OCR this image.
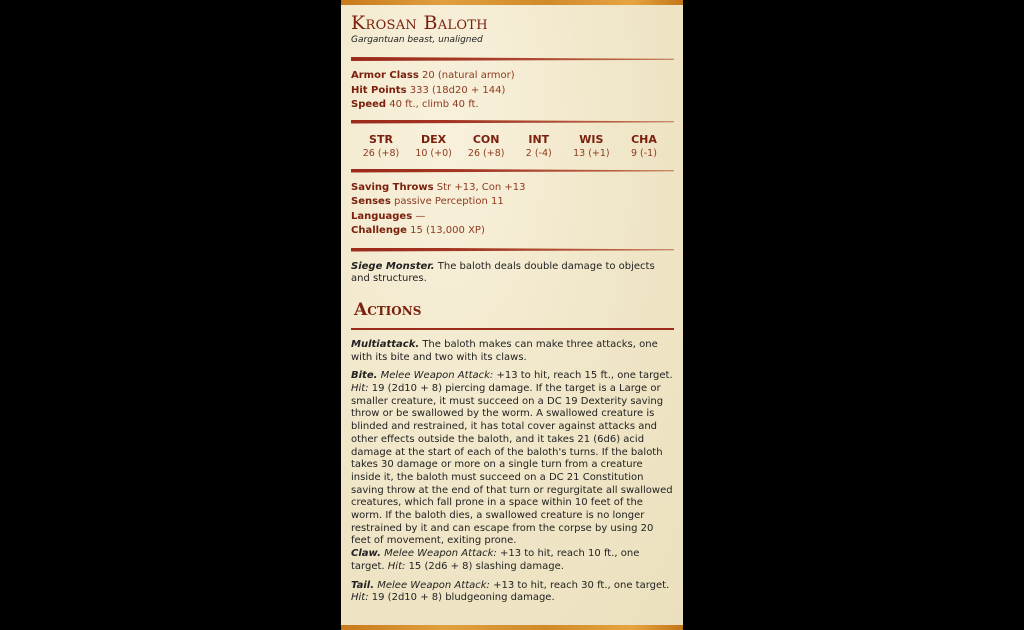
Krosan Baloth
Gargantuan beast, unaligned
Armor Class 20 (natural armor)
Hit Points 333 (18d20 + 144)
Speed 40 ft., climb 40 ft.
STR
26 (+8)
DEX
10 (+0)
CON
26 (+8)
INT
2 (-4)
WIS
13 (+1)
CHA
9 (-1)
Saving Throws Str +13, Con +13
Senses passive Perception 11
Languages —
Challenge 15 (13,000 XP)
Siege Monster. The baloth deals double damage to objects and structures.
Actions
Multiattack. The baloth makes can make three attacks, one with its bite and two with its claws.
Bite. Melee Weapon Attack: +13 to hit, reach 15 ft., one target. Hit: 19 (2d10 + 8) piercing damage. If the target is a Large or smaller creature, it must succeed on a DC 19 Dexterity saving throw or be swallowed by the worm. A swallowed creature is blinded and restrained, it has total cover against attacks and other effects outside the baloth, and it takes 21 (6d6) acid damage at the start of each of the baloth's turns. If the baloth takes 30 damage or more on a single turn from a creature inside it, the baloth must succeed on a DC 21 Constitution saving throw at the end of that turn or regurgitate all swallowed creatures, which fall prone in a space within 10 feet of the worm. If the baloth dies, a swallowed creature is no longer restrained by it and can escape from the corpse by using 20 feet of movement, exiting prone.
Claw. Melee Weapon Attack: +13 to hit, reach 10 ft., one target. Hit: 15 (2d6 + 8) slashing damage.
Tail. Melee Weapon Attack: +13 to hit, reach 30 ft., one target. Hit: 19 (2d10 + 8) bludgeoning damage.
